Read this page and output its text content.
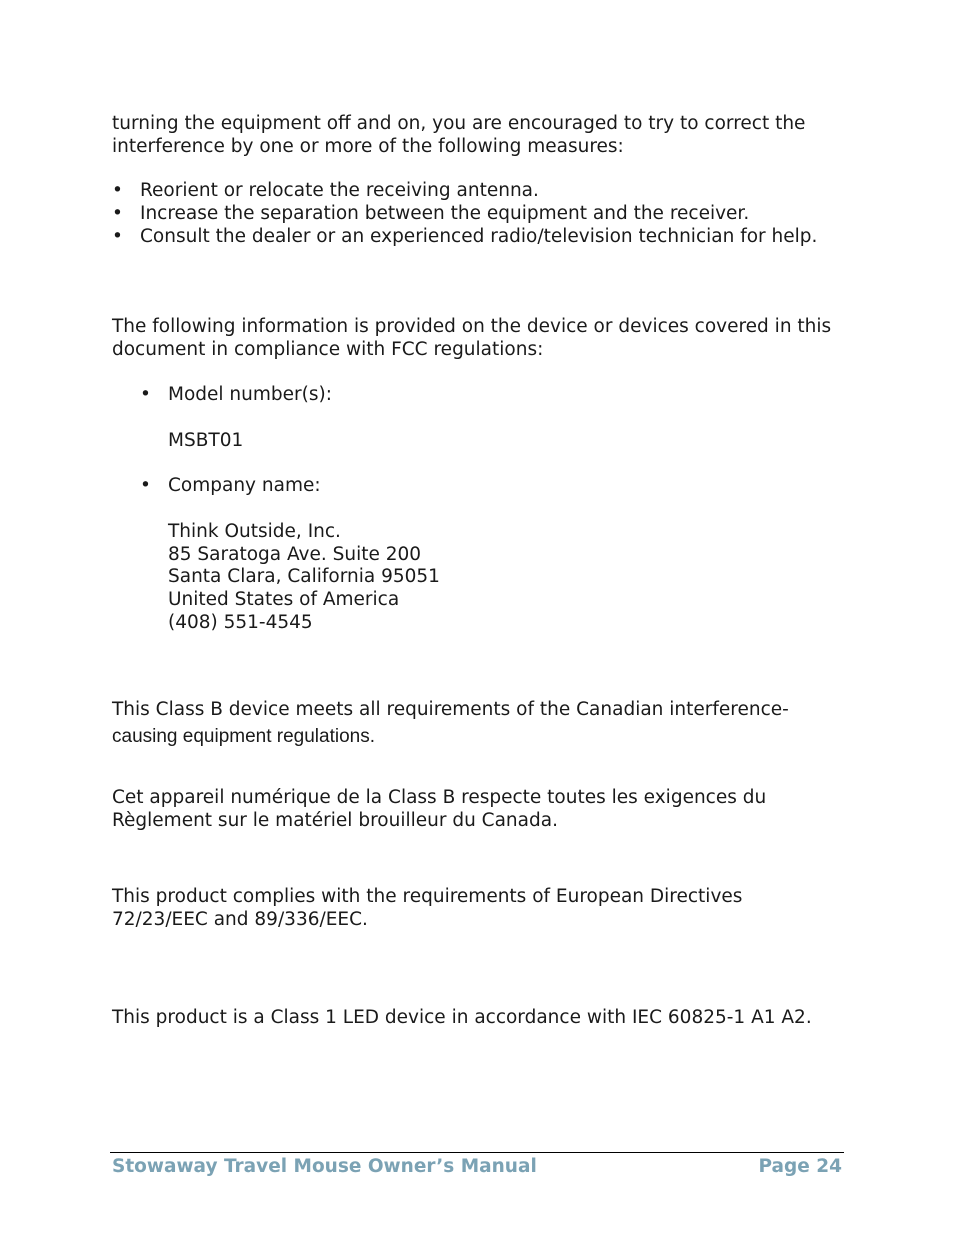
turning the equipment off and on, you are encouraged to try to correct the

interference by one or more of the following measures:

• Reorient or relocate the receiving antenna.
• Increase the separation between the equipment and the receiver.
• Consult the dealer or an experienced radio/television technician for help.

The following information is provided on the device or devices covered in this

document in compliance with FCC regulations:

• Model number(s):

MSBT01

• Company name:

Think Outside, Inc.

85 Saratoga Ave. Suite 200

Santa Clara, California 95051

United States of America

(408) 551-4545

This Class B device meets all requirements of the Canadian interference-

causing equipment regulations.

Cet appareil numérique de la Class B respecte toutes les exigences du

Règlement sur le matériel brouilleur du Canada.

This product complies with the requirements of European Directives

72/23/EEC and 89/336/EEC.

This product is a Class 1 LED device in accordance with IEC 60825-1 A1 A2.

Stowaway Travel Mouse Owner’s Manual	Page 24
